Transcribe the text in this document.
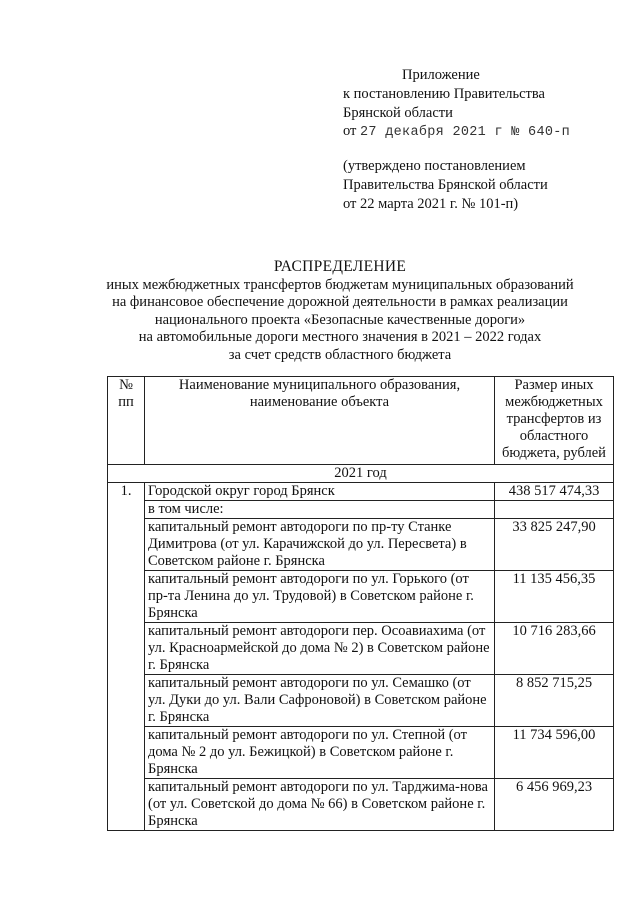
Приложение
к постановлению Правительства
Брянской области
от 27 декабря 2021 г № 640-п
(утверждено постановлением
Правительства Брянской области
от 22 марта 2021 г. № 101-п)
РАСПРЕДЕЛЕНИЕ
иных межбюджетных трансфертов бюджетам муниципальных образований
на финансовое обеспечение дорожной деятельности в рамках реализации
национального проекта «Безопасные качественные дороги»
на автомобильные дороги местного значения в 2021 – 2022 годах
за счет средств областного бюджета
№ пп	Наименование муниципального образования, наименование объекта	Размер иных межбюджетных трансфертов из областного бюджета, рублей
2021 год		
1.	Городской округ город Брянск	438 517 474,33
	в том числе:	
	капитальный ремонт автодороги по пр-ту Станке Димитрова (от ул. Карачижской до ул. Пересвета) в Советском районе г. Брянска	33 825 247,90
	капитальный ремонт автодороги по ул. Горького (от пр-та Ленина до ул. Трудовой) в Советском районе г. Брянска	11 135 456,35
	капитальный ремонт автодороги пер. Осоавиахима (от ул. Красноармейской до дома № 2) в Советском районе г. Брянска	10 716 283,66
	капитальный ремонт автодороги по ул. Семашко (от ул. Дуки до ул. Вали Сафроновой) в Советском районе г. Брянска	8 852 715,25
	капитальный ремонт автодороги по ул. Степной (от дома № 2 до ул. Бежицкой) в Советском районе г. Брянска	11 734 596,00
	капитальный ремонт автодороги по ул. Тарджима-нова (от ул. Советской до дома № 66) в Советском районе г. Брянска	6 456 969,23
